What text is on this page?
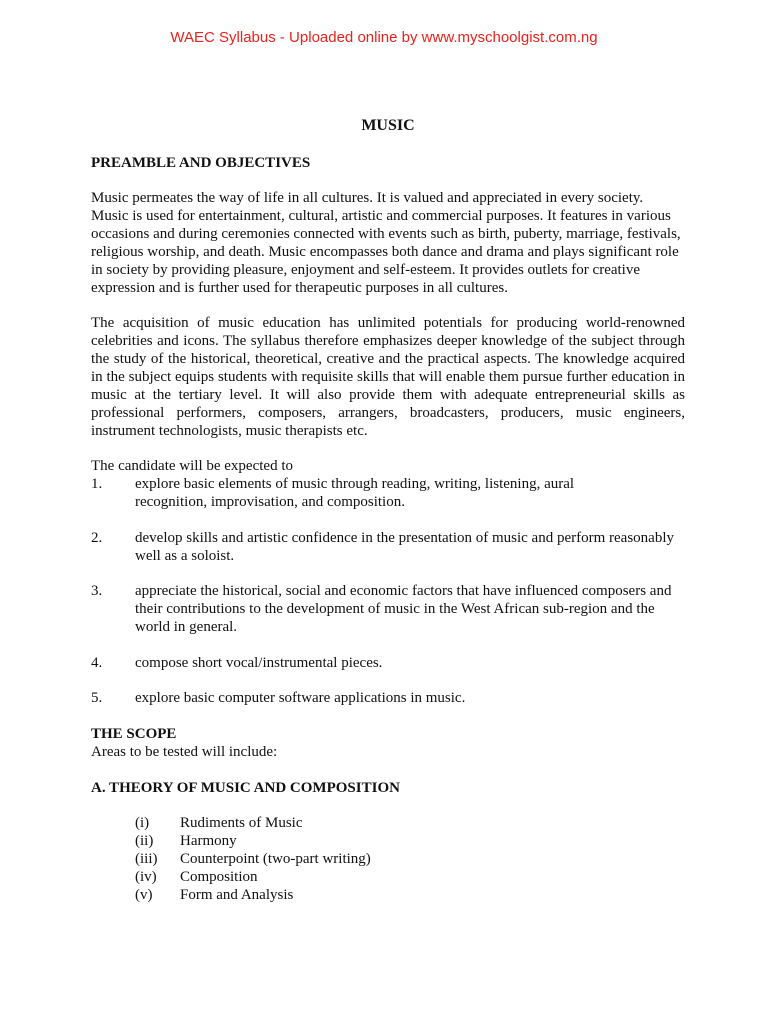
WAEC Syllabus - Uploaded online by www.myschoolgist.com.ng
MUSIC
PREAMBLE AND OBJECTIVES
Music permeates the way of life in all cultures. It is valued and appreciated in every society.
Music is used for entertainment, cultural, artistic and commercial purposes. It features in various
occasions and during ceremonies connected with events such as birth, puberty, marriage, festivals,
religious worship, and death. Music encompasses both dance and drama and plays significant role
in society by providing pleasure, enjoyment and self-esteem. It provides outlets for creative
expression and is further used for therapeutic purposes in all cultures.
The acquisition of music education has unlimited potentials for producing world-renowned celebrities and icons. The syllabus therefore emphasizes deeper knowledge of the subject through the study of the historical, theoretical, creative and the practical aspects. The knowledge acquired in the subject equips students with requisite skills that will enable them pursue further education in music at the tertiary level. It will also provide them with adequate entrepreneurial skills as professional performers, composers, arrangers, broadcasters, producers, music engineers, instrument technologists, music therapists etc.
The candidate will be expected to
1.	explore basic elements of music through reading, writing, listening, aural
recognition, improvisation, and composition.
2.	develop skills and artistic confidence in the presentation of music and perform reasonably
well as a soloist.
3.	appreciate the historical, social and economic factors that have influenced composers and
their contributions to the development of music in the West African sub-region and the
world in general.
4.	compose short vocal/instrumental pieces.
5.	explore basic computer software applications in music.
THE SCOPE
Areas to be tested will include:
A. THEORY OF MUSIC AND COMPOSITION
(i) Rudiments of Music
(ii) Harmony
(iii) Counterpoint (two-part writing)
(iv) Composition
(v) Form and Analysis
